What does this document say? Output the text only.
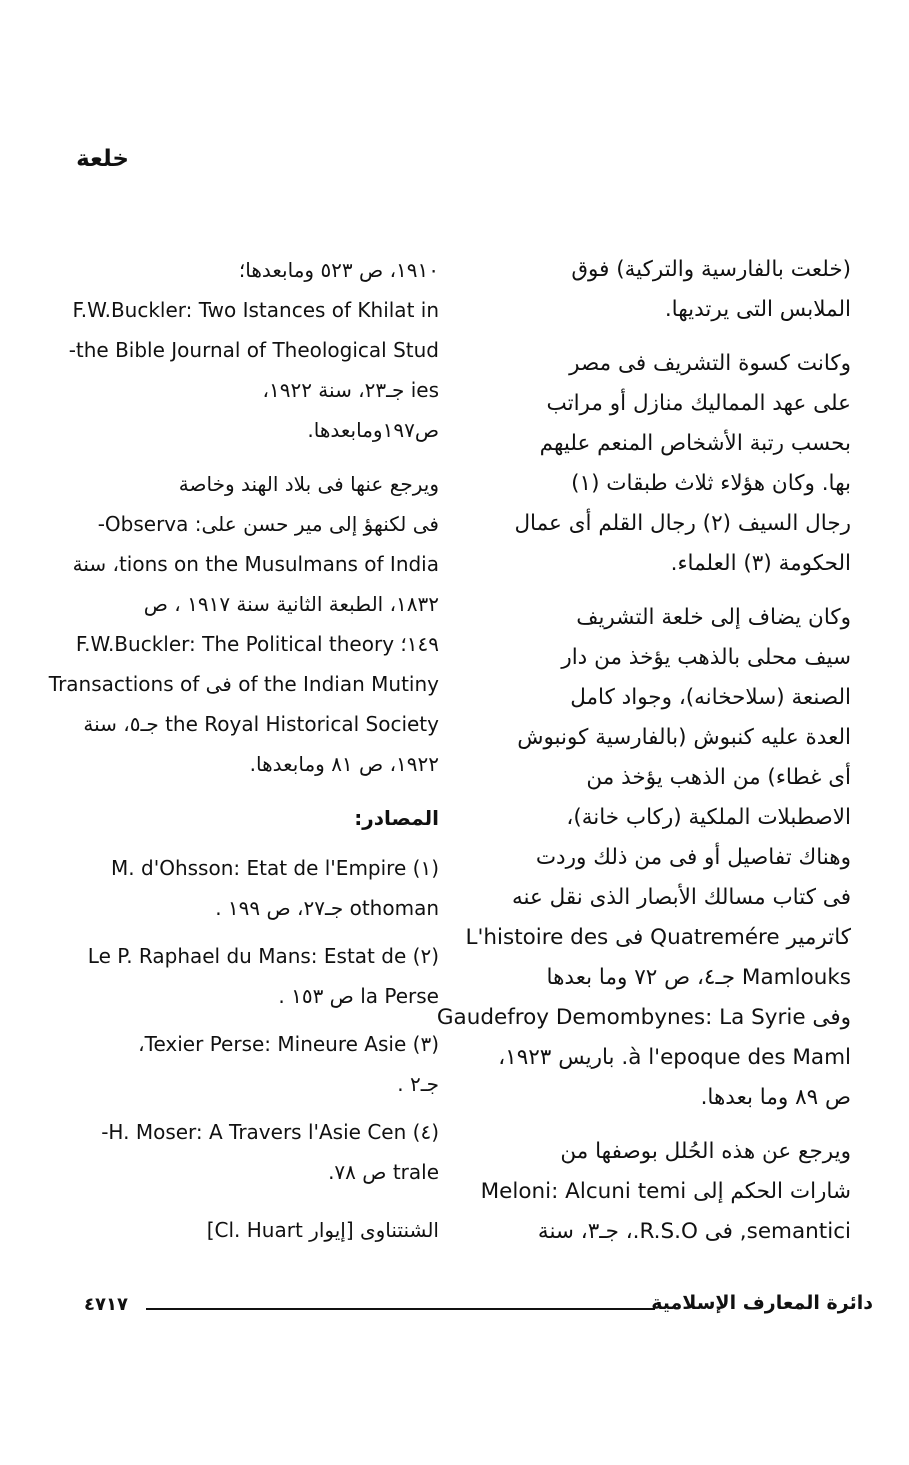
خلعة
(خلعت بالفارسية والتركية) فوق
الملابس التى يرتديها.
وكانت كسوة التشريف فى مصر
على عهد المماليك منازل أو مراتب
بحسب رتبة الأشخاص المنعم عليهم
بها. وكان هؤلاء ثلاث طبقات (١)
رجال السيف (٢) رجال القلم أى عمال
الحكومة (٣) العلماء.
وكان يضاف إلى خلعة التشريف
سيف محلى بالذهب يؤخذ من دار
الصنعة (سلاحخانه)، وجواد كامل
العدة عليه كنبوش (بالفارسية كونبوش
أى غطاء) من الذهب يؤخذ من
الاصطبلات الملكية (ركاب خانة)،
وهناك تفاصيل أو فى من ذلك وردت
فى كتاب مسالك الأبصار الذى نقل عنه
كاترمير Quatremére فى L'histoire des
Mamlouks جـ٤، ص ٧٢ وما بعدها
وفى Gaudefroy Demombynes: La Syrie
à l'epoque des Maml. باريس ١٩٢٣،
ص ٨٩ وما بعدها.
ويرجع عن هذه الحُلل بوصفها من
شارات الحكم إلى Meloni: Alcuni temi
semantici, فى R.S.O.، جـ٣، سنة
١٩١٠، ص ٥٢٣ ومابعدها؛
F.W.Buckler: Two Istances of Khilat in
the Bible Journal of Theological Stud-
ies جـ٢٣، سنة ١٩٢٢،
ص١٩٧ومابعدها.
ويرجع عنها فى بلاد الهند وخاصة
فى لكنهؤ إلى مير حسن على: Observa-
tions on the Musulmans of India، سنة
١٨٣٢، الطبعة الثانية سنة ١٩١٧ ، ص
١٤٩؛ F.W.Buckler: The Political theory
of the Indian Mutiny فى Transactions of
the Royal Historical Society جـ٥، سنة
١٩٢٢، ص ٨١ ومابعدها.
المصادر:
(١) M. d'Ohsson: Etat de l'Empire
othoman جـ٢٧، ص ١٩٩ .
(٢) Le P. Raphael du Mans: Estat de
la Perse ص ١٥٣ .
(٣) Texier Perse: Mineure Asie،
جـ٢ .
(٤) H. Moser: A Travers l'Asie Cen-
trale ص ٧٨.
الشنتناوى [إيوار Cl. Huart]
٤٧١٧	دائرة المعارف الإسلامية
